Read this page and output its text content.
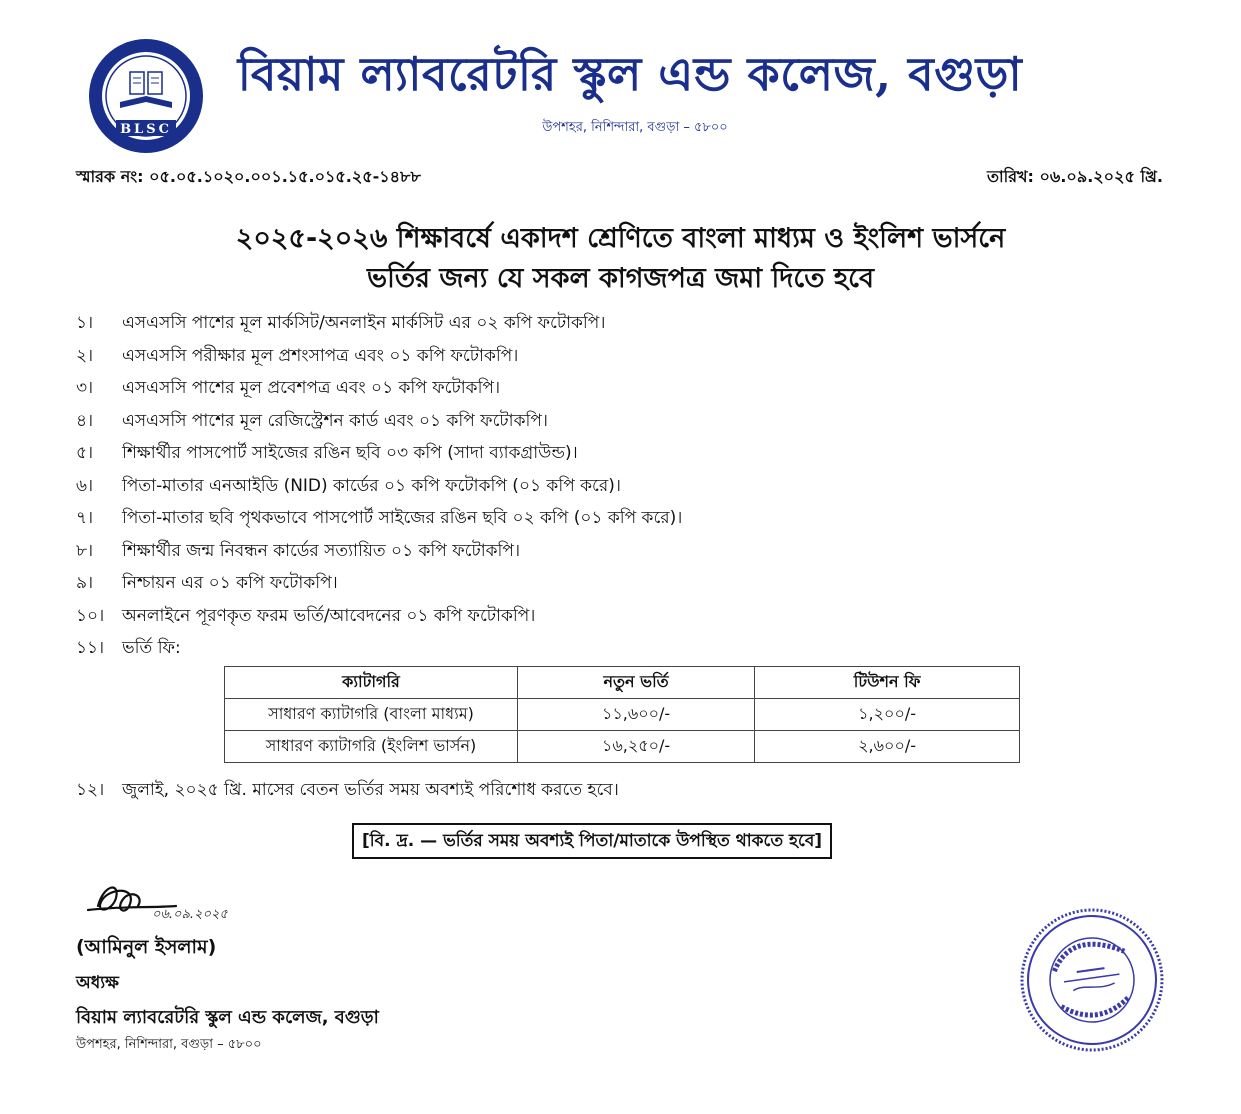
BLSC
বিয়াম ল্যাবরেটরি স্কুল এন্ড কলেজ, বগুড়া
উপশহর, নিশিন্দারা, বগুড়া – ৫৮০০
স্মারক নং: ০৫.০৫.১০২০.০০১.১৫.০১৫.২৫-১৪৮৮	তারিখ: ০৬.০৯.২০২৫ খ্রি.
২০২৫-২০২৬ শিক্ষাবর্ষে একাদশ শ্রেণিতে বাংলা মাধ্যম ও ইংলিশ ভার্সনে
ভর্তির জন্য যে সকল কাগজপত্র জমা দিতে হবে
১।	এসএসসি পাশের মূল মার্কসিট/অনলাইন মার্কসিট এর ০২ কপি ফটোকপি।
২।	এসএসসি পরীক্ষার মূল প্রশংসাপত্র এবং ০১ কপি ফটোকপি।
৩।	এসএসসি পাশের মূল প্রবেশপত্র এবং ০১ কপি ফটোকপি।
৪।	এসএসসি পাশের মূল রেজিস্ট্রেশন কার্ড এবং ০১ কপি ফটোকপি।
৫।	শিক্ষার্থীর পাসপোর্ট সাইজের রঙিন ছবি ০৩ কপি (সাদা ব্যাকগ্রাউন্ড)।
৬।	পিতা-মাতার এনআইডি (NID) কার্ডের ০১ কপি ফটোকপি (০১ কপি করে)।
৭।	পিতা-মাতার ছবি পৃথকভাবে পাসপোর্ট সাইজের রঙিন ছবি ০২ কপি (০১ কপি করে)।
৮।	শিক্ষার্থীর জন্ম নিবন্ধন কার্ডের সত্যায়িত ০১ কপি ফটোকপি।
৯।	নিশ্চায়ন এর ০১ কপি ফটোকপি।
১০।	অনলাইনে পূরণকৃত ফরম ভর্তি/আবেদনের ০১ কপি ফটোকপি।
১১।	ভর্তি ফি:
ক্যাটাগরি	নতুন ভর্তি	টিউশন ফি
সাধারণ ক্যাটাগরি (বাংলা মাধ্যম)	১১,৬০০/-	১,২০০/-
সাধারণ ক্যাটাগরি (ইংলিশ ভার্সন)	১৬,২৫০/-	২,৬০০/-
১২। জুলাই, ২০২৫ খ্রি. মাসের বেতন ভর্তির সময় অবশ্যই পরিশোধ করতে হবে।
[বি. দ্র. — ভর্তির সময় অবশ্যই পিতা/মাতাকে উপস্থিত থাকতে হবে]
০৬.০৯.২০২৫
(আমিনুল ইসলাম)
অধ্যক্ষ
বিয়াম ল্যাবরেটরি স্কুল এন্ড কলেজ, বগুড়া
উপশহর, নিশিন্দারা, বগুড়া – ৫৮০০
